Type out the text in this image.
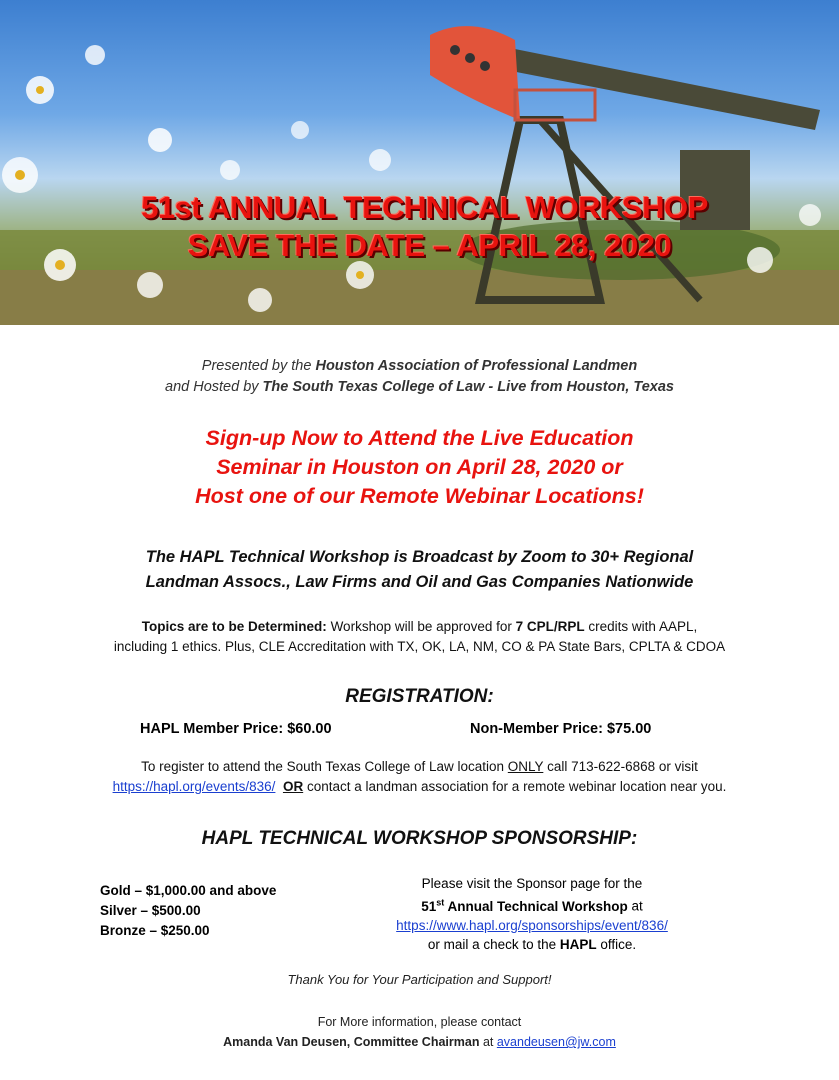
51st ANNUAL TECHNICAL WORKSHOP

SAVE THE DATE – APRIL 28, 2020

Presented by the Houston Association of Professional Landmen
and Hosted by The South Texas College of Law - Live from Houston, Texas
Sign-up Now to Attend the Live Education
Seminar in Houston on April 28, 2020 or
Host one of our Remote Webinar Locations!
The HAPL Technical Workshop is Broadcast by Zoom to 30+ Regional
Landman Assocs., Law Firms and Oil and Gas Companies Nationwide
Topics are to be Determined: Workshop will be approved for 7 CPL/RPL credits with AAPL,
including 1 ethics. Plus, CLE Accreditation with TX, OK, LA, NM, CO & PA State Bars, CPLTA & CDOA
REGISTRATION:
HAPL Member Price: $60.00	Non-Member Price: $75.00
To register to attend the South Texas College of Law location ONLY call 713-622-6868 or visit
https://hapl.org/events/836/ OR contact a landman association for a remote webinar location near you.
HAPL TECHNICAL WORKSHOP SPONSORSHIP:
Gold – $1,000.00 and above
Silver – $500.00
Bronze – $250.00
Please visit the Sponsor page for the
51st Annual Technical Workshop at
https://www.hapl.org/sponsorships/event/836/
or mail a check to the HAPL office.
Thank You for Your Participation and Support!
For More information, please contact
Amanda Van Deusen, Committee Chairman at avandeusen@jw.com
